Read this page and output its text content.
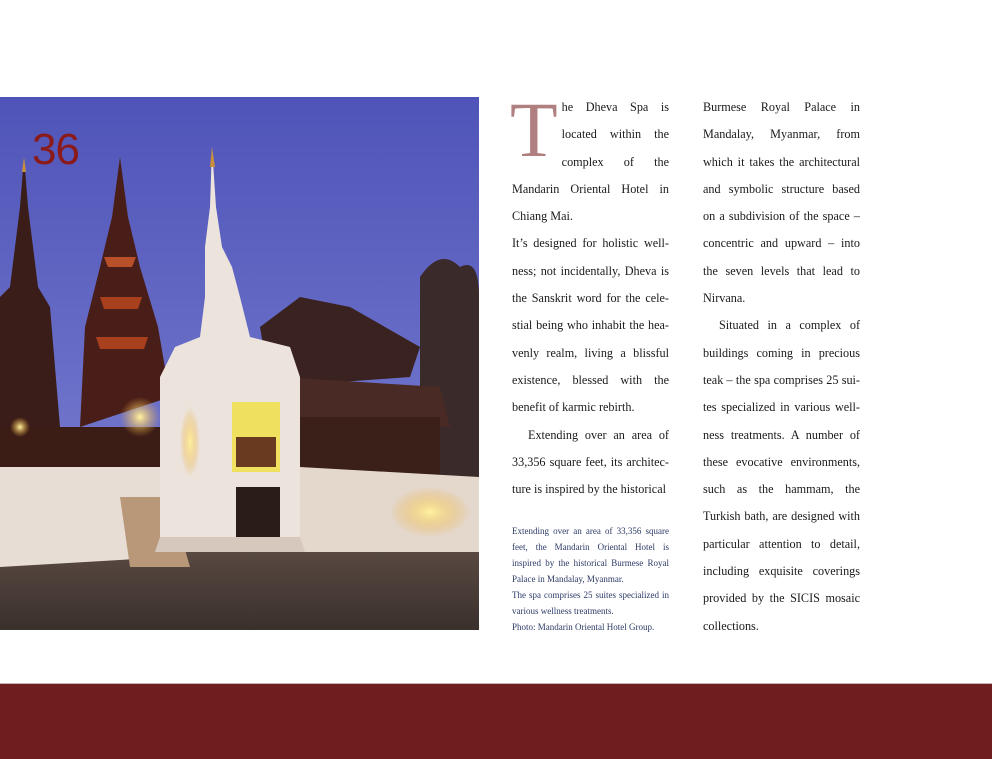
36	The Dheva Spa is located within the complex of the Mandarin Oriental Hotel in Chiang Mai.

It’s designed for holistic well-ness; not incidentally, Dheva is the Sanskrit word for the cele-stial being who inhabit the hea-venly realm, living a blissful existence, blessed with the benefit of karmic rebirth.

Extending over an area of 33,356 square feet, its architec-ture is inspired by the historical

Extending over an area of 33,356 square feet, the Mandarin Oriental Hotel is inspired by the historical Burmese Royal Palace in Mandalay, Myanmar.

The spa comprises 25 suites specialized in various wellness treatments.

Photo: Mandarin Oriental Hotel Group.

Burmese Royal Palace in Mandalay, Myanmar, from which it takes the architectural and symbolic structure based on a subdivision of the space – concentric and upward – into the seven levels that lead to Nirvana.

Situated in a complex of buildings coming in precious teak – the spa comprises 25 sui-tes specialized in various well-ness treatments. A number of these evocative environments, such as the hammam, the Turkish bath, are designed with particular attention to detail, including exquisite coverings provided by the SICIS mosaic collections.
